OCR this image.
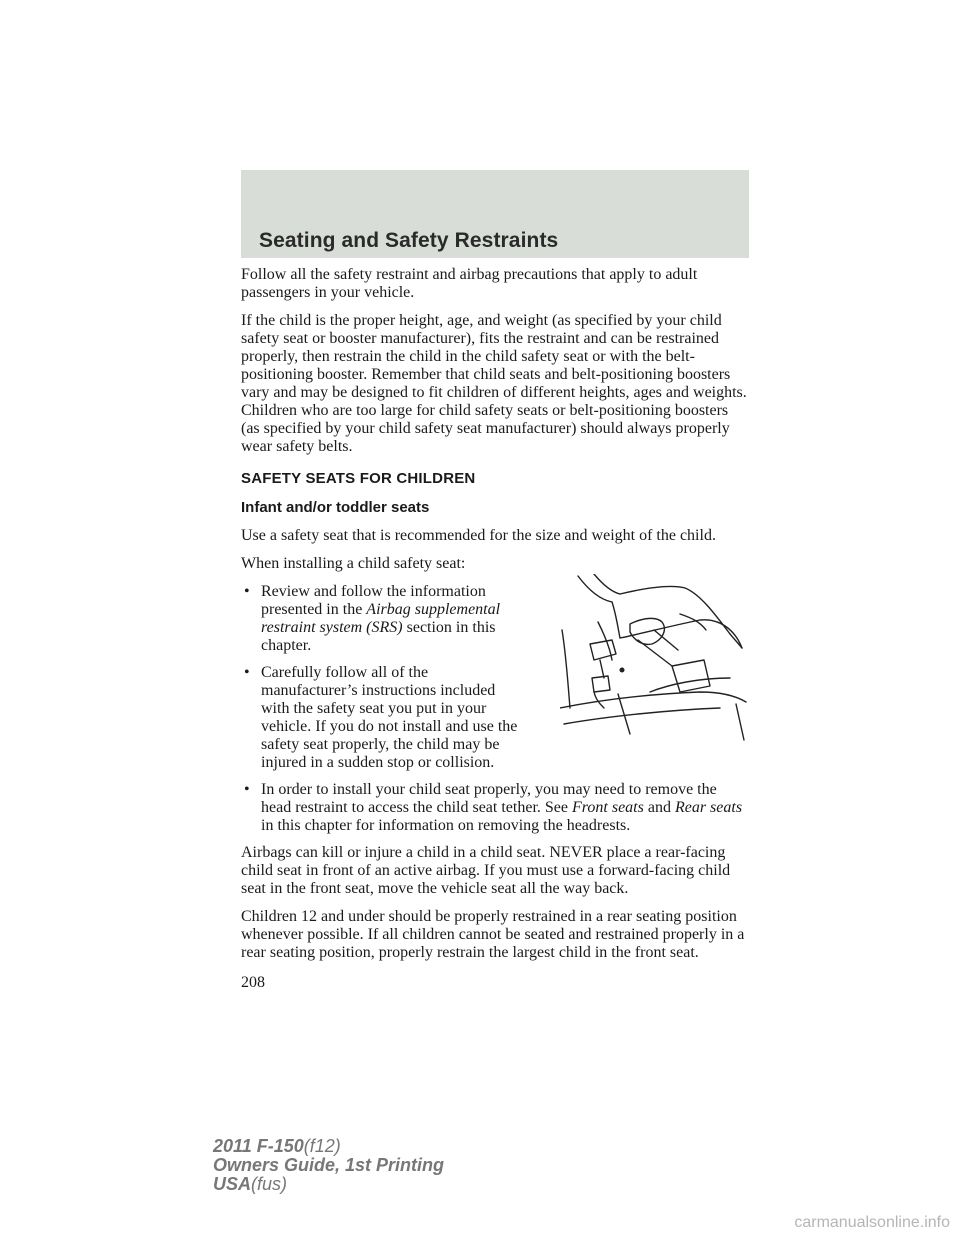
Seating and Safety Restraints

Follow all the safety restraint and airbag precautions that apply to adult passengers in your vehicle.

If the child is the proper height, age, and weight (as specified by your child safety seat or booster manufacturer), fits the restraint and can be restrained properly, then restrain the child in the child safety seat or with the belt-positioning booster. Remember that child seats and belt-positioning boosters vary and may be designed to fit children of different heights, ages and weights. Children who are too large for child safety seats or belt-positioning boosters (as specified by your child safety seat manufacturer) should always properly wear safety belts.

SAFETY SEATS FOR CHILDREN
Infant and/or toddler seats

Use a safety seat that is recommended for the size and weight of the child.

When installing a child safety seat:

• Review and follow the information presented in the Airbag supplemental restraint system (SRS) section in this chapter.
• Carefully follow all of the manufacturer’s instructions included with the safety seat you put in your vehicle. If you do not install and use the safety seat properly, the child may be injured in a sudden stop or collision.
• In order to install your child seat properly, you may need to remove the head restraint to access the child seat tether. See Front seats and Rear seats in this chapter for information on removing the headrests.

Airbags can kill or injure a child in a child seat. NEVER place a rear-facing child seat in front of an active airbag. If you must use a forward-facing child seat in the front seat, move the vehicle seat all the way back.

Children 12 and under should be properly restrained in a rear seating position whenever possible. If all children cannot be seated and restrained properly in a rear seating position, properly restrain the largest child in the front seat.

208
2011 F-150(f12)
Owners Guide, 1st Printing
USA(fus)
carmanualsonline.info
